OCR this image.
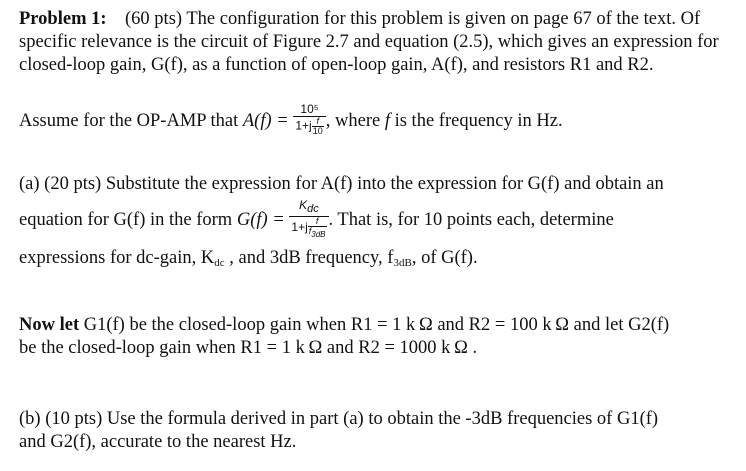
Problem 1: (60 pts) The configuration for this problem is given on page 67 of the text. Of specific relevance is the circuit of Figure 2.7 and equation (2.5), which gives an expression for closed-loop gain, G(f), as a function of open-loop gain, A(f), and resistors R1 and R2.

Assume for the OP-AMP that $A(f) = \frac{\text{10⁵}}{1+j \frac{f}{10}}$ , where f is the frequency in Hz.

(a) (20 pts) Substitute the expression for A(f) into the expression for G(f) and obtain an

equation for G(f) in the form $G(f) = \frac{K_{dc}}{1+j \frac{f}{f_{3dB}}}$ . That is, for 10 points each, determine

expressions for dc-gain, $K_{dc}$ , and 3dB frequency, $f_{3dB}$, of G(f).

Now let G1(f) be the closed-loop gain when R1 = 1 k Ω and R2 = 100 k Ω and let G2(f)

be the closed-loop gain when R1 = 1 k Ω and R2 = 1000 k Ω .

(b) (10 pts) Use the formula derived in part (a) to obtain the -3dB frequencies of G1(f)

and G2(f), accurate to the nearest Hz.
